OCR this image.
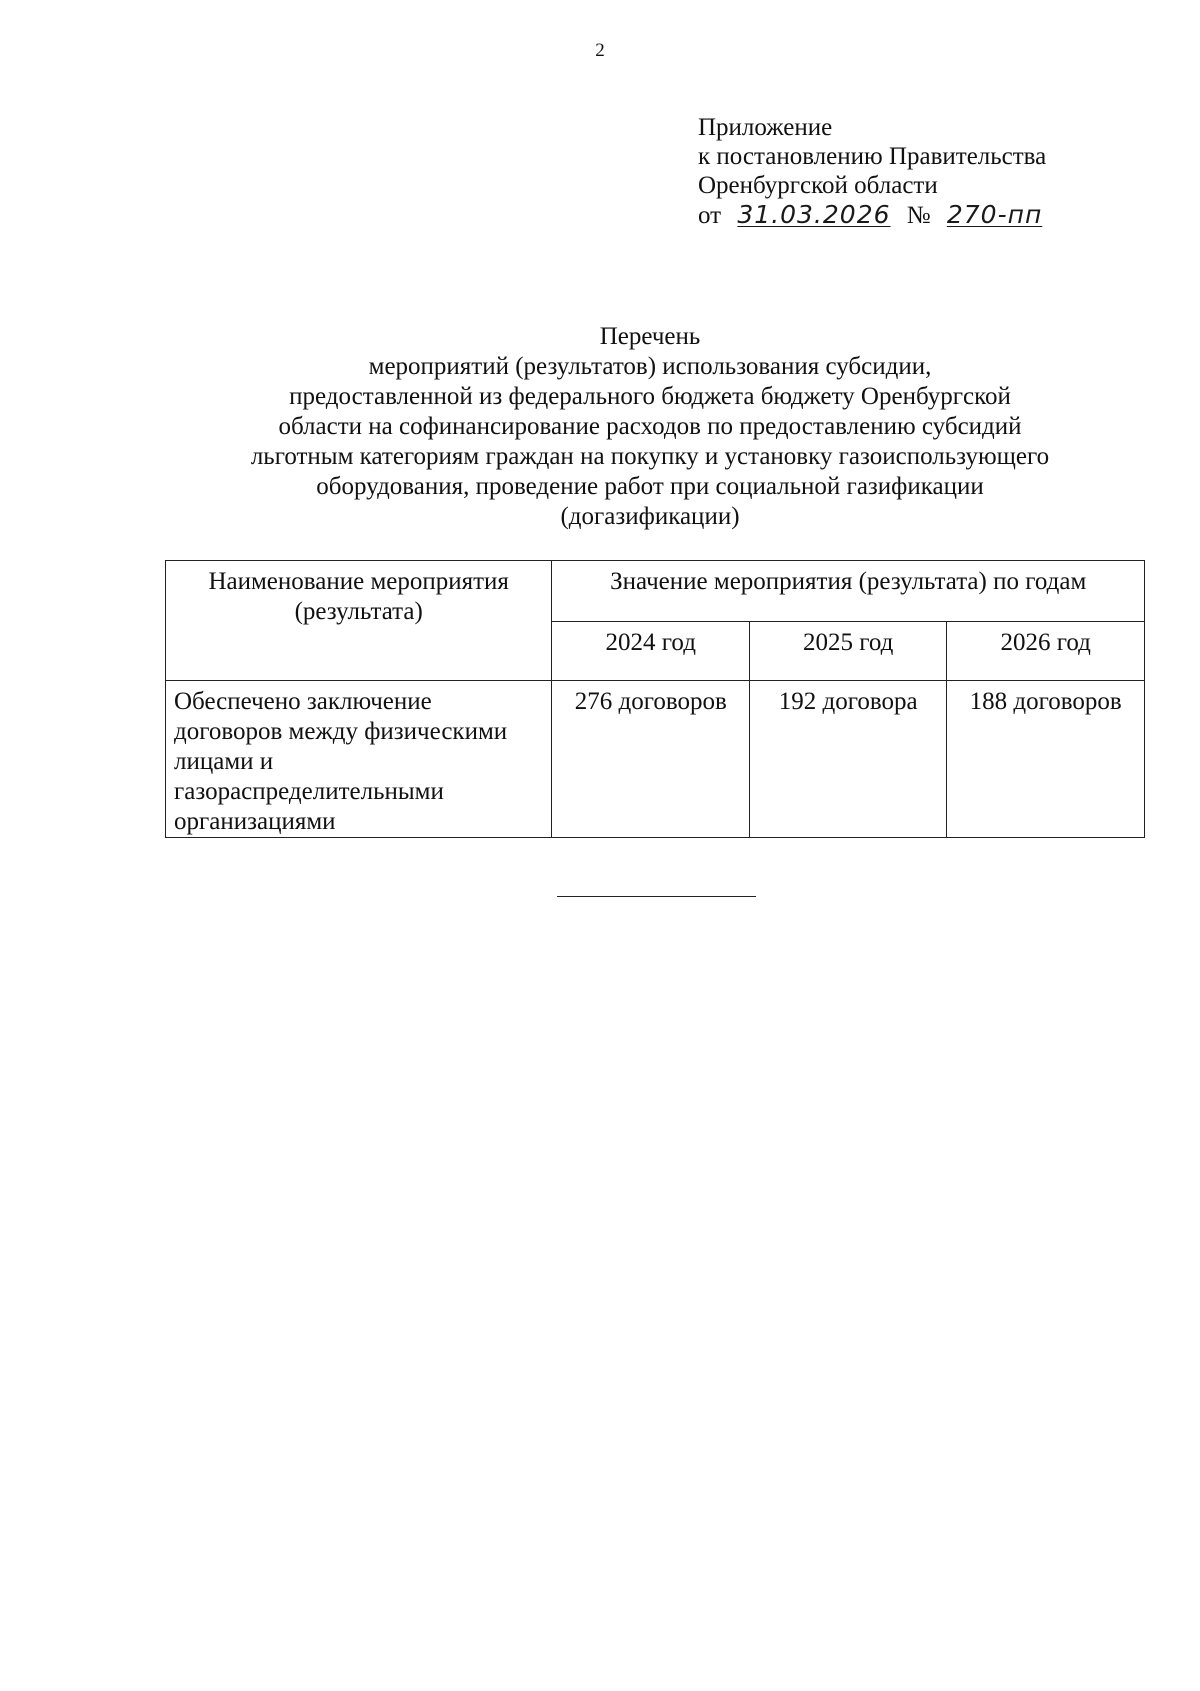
2
Приложение
к постановлению Правительства
Оренбургской области
от 31.03.2026 № 270-пп
Перечень
мероприятий (результатов) использования субсидии,
предоставленной из федерального бюджета бюджету Оренбургской
области на софинансирование расходов по предоставлению субсидий
льготным категориям граждан на покупку и установку газоиспользующего
оборудования, проведение работ при социальной газификации
(догазификации)
Наименование мероприятия (результата)	Значение мероприятия (результата) по годам		
	2024 год	2025 год	2026 год
Обеспечено заключение договоров между физическими лицами и газораспределительными организациями	276 договоров	192 договора	188 договоров
